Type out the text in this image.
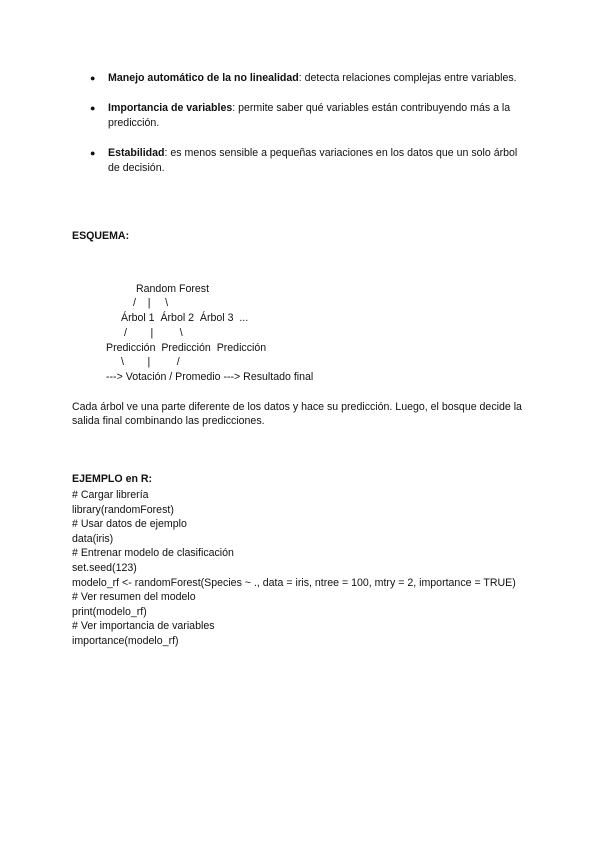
● Manejo automático de la no linealidad: detecta relaciones complejas entre variables.
● Importancia de variables: permite saber qué variables están contribuyendo más a la predicción.
● Estabilidad: es menos sensible a pequeñas variaciones en los datos que un solo árbol de decisión.
ESQUEMA:
Random Forest
/    |     \
Árbol 1  Árbol 2  Árbol 3  ...
/        |         \
Predicción  Predicción  Predicción
\        |         /
---> Votación / Promedio ---> Resultado final
Cada árbol ve una parte diferente de los datos y hace su predicción. Luego, el bosque decide la salida final combinando las predicciones.
EJEMPLO en R:
# Cargar librería
library(randomForest)
# Usar datos de ejemplo
data(iris)
# Entrenar modelo de clasificación
set.seed(123)
modelo_rf <- randomForest(Species ~ ., data = iris, ntree = 100, mtry = 2, importance = TRUE)
# Ver resumen del modelo
print(modelo_rf)
# Ver importancia de variables
importance(modelo_rf)
